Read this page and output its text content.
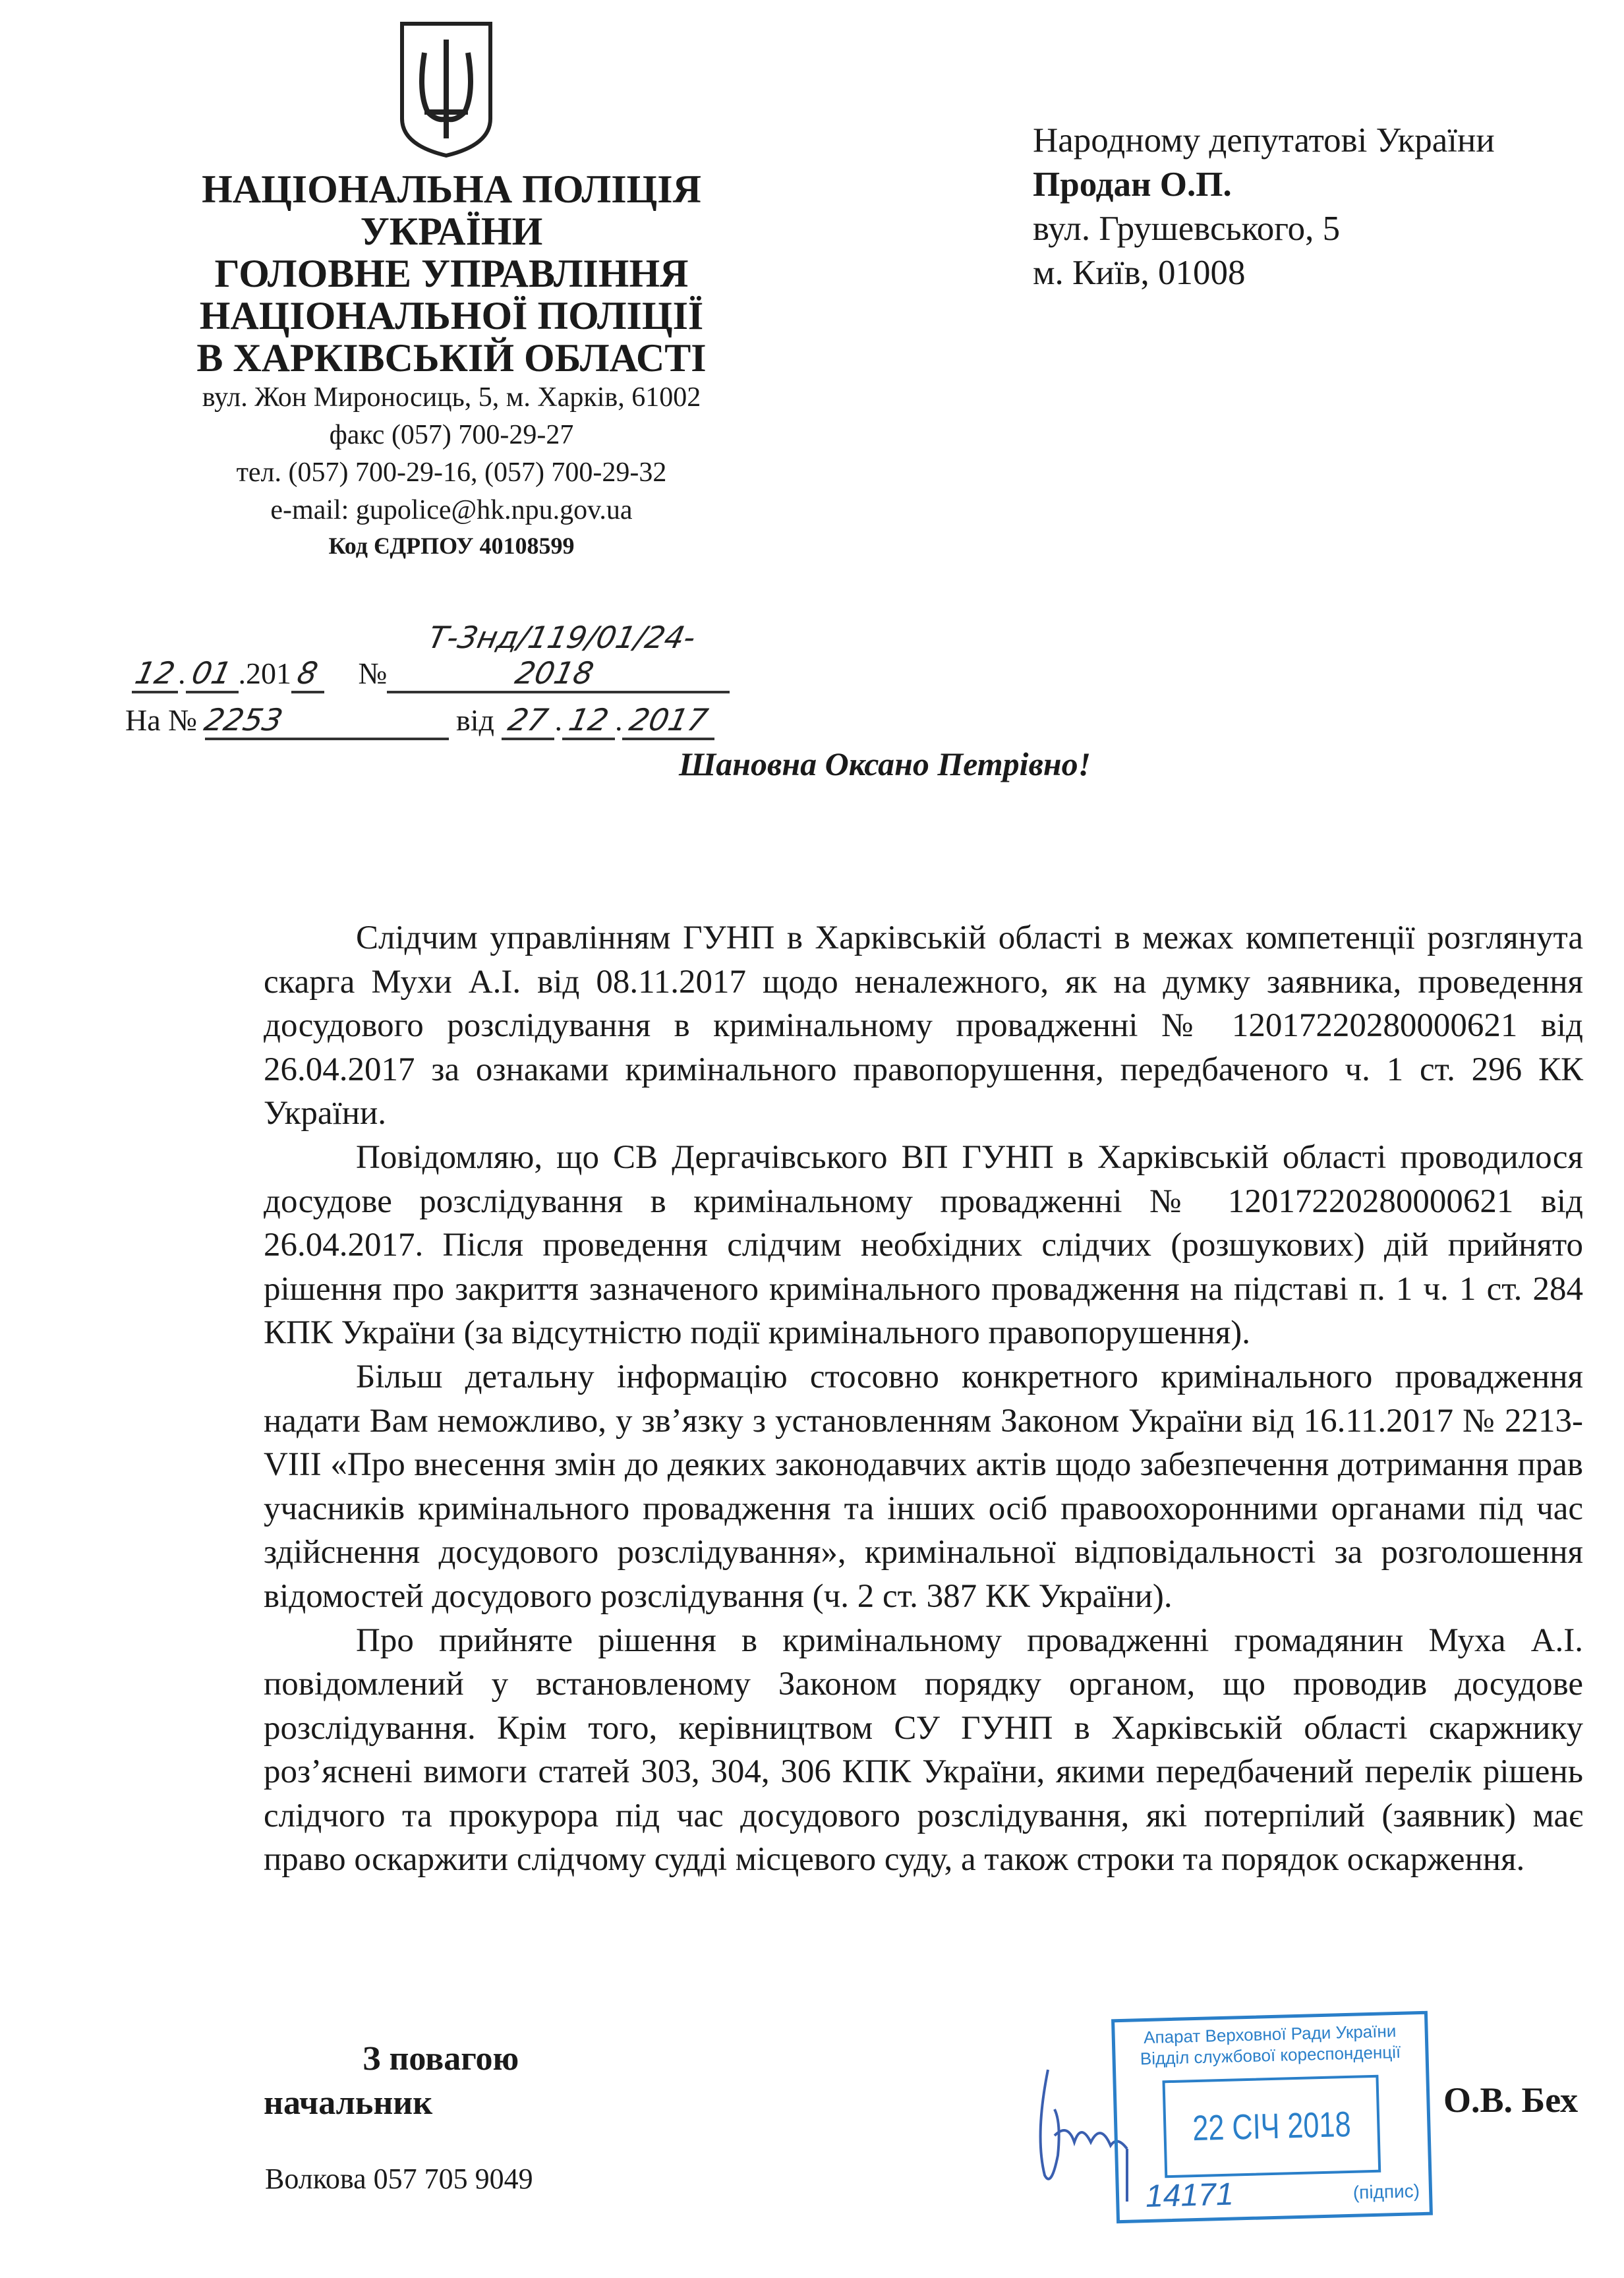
НАЦІОНАЛЬНА ПОЛІЦІЯ
УКРАЇНИ
ГОЛОВНЕ УПРАВЛІННЯ
НАЦІОНАЛЬНОЇ ПОЛІЦІЇ
В ХАРКІВСЬКІЙ ОБЛАСТІ
вул. Жон Мироносиць, 5, м. Харків, 61002
факс (057) 700-29-27
тел. (057) 700-29-16, (057) 700-29-32
e-mail: gupolice@hk.npu.gov.ua
Код ЄДРПОУ 40108599
Народному депутатові України
Продан О.П.
вул. Грушевського, 5
м. Київ, 01008
12. 01 .201 8 №Т-3нд/119/01/24-2018
На № 2253	від 27 . 12 . 2017
Шановна Оксано Петрівно!

Слідчим управлінням ГУНП в Харківській області в межах компетенції розглянута скарга Мухи А.І. від 08.11.2017 щодо неналежного, як на думку заявника, проведення досудового розслідування в кримінальному провадженні № 12017220280000621 від 26.04.2017 за ознаками кримінального правопорушення, передбаченого ч. 1 ст. 296 КК України.

Повідомляю, що СВ Дергачівського ВП ГУНП в Харківській області проводилося досудове розслідування в кримінальному провадженні № 12017220280000621 від 26.04.2017. Після проведення слідчим необхідних слідчих (розшукових) дій прийнято рішення про закриття зазначеного кримінального провадження на підставі п. 1 ч. 1 ст. 284 КПК України (за відсутністю події кримінального правопорушення).

Більш детальну інформацію стосовно конкретного кримінального провадження надати Вам неможливо, у зв’язку з установленням Законом України від 16.11.2017 № 2213-VIII «Про внесення змін до деяких законодавчих актів щодо забезпечення дотримання прав учасників кримінального провадження та інших осіб правоохоронними органами під час здійснення досудового розслідування», кримінальної відповідальності за розголошення відомостей досудового розслідування (ч. 2 ст. 387 КК України).

Про прийняте рішення в кримінальному провадженні громадянин Муха А.І. повідомлений у встановленому Законом порядку органом, що проводив досудове розслідування. Крім того, керівництвом СУ ГУНП в Харківській області скаржнику роз’яснені вимоги статей 303, 304, 306 КПК України, якими передбачений перелік рішень слідчого та прокурора під час досудового розслідування, які потерпілий (заявник) має право оскаржити слідчому судді місцевого суду, а також строки та порядок оскарження.

З повагою
начальник
Волкова 057 705 9049
Апарат Верховної Ради України
Відділ службової кореспонденції
22 СІЧ 2018
14171	(підпис)
О.В. Бех
